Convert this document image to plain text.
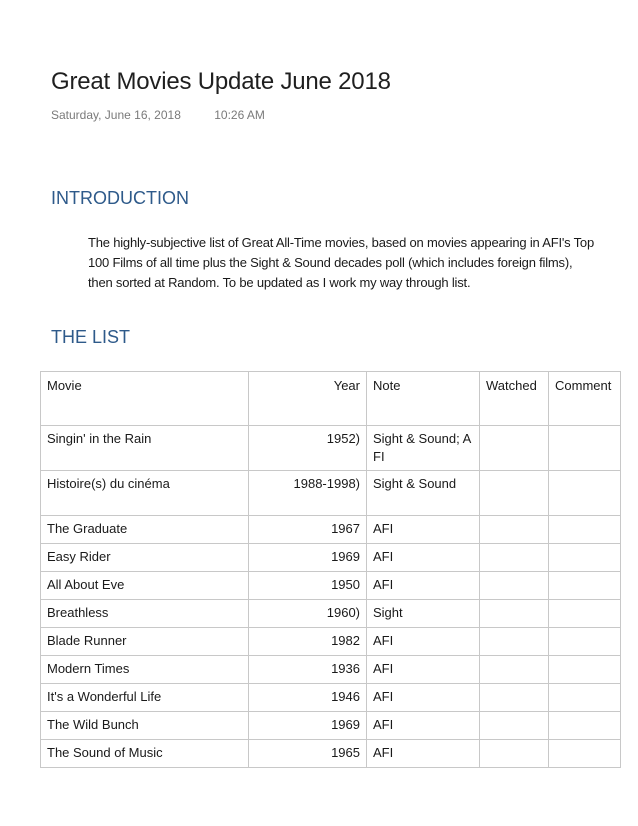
Great Movies Update June 2018
Saturday, June 16, 2018	10:26 AM
INTRODUCTION
The highly-subjective list of Great All-Time movies, based on movies appearing in AFI's Top 100 Films of all time plus the Sight & Sound decades poll (which includes foreign films), then sorted at Random. To be updated as I work my way through list.
THE LIST
Movie	Year	Note	Watched	Comment
Singin' in the Rain	1952)	Sight & Sound; AFI		
Histoire(s) du cinéma	1988-1998)	Sight & Sound		
The Graduate	1967	AFI		
Easy Rider	1969	AFI		
All About Eve	1950	AFI		
Breathless	1960)	Sight		
Blade Runner	1982	AFI		
Modern Times	1936	AFI		
It's a Wonderful Life	1946	AFI		
The Wild Bunch	1969	AFI		
The Sound of Music	1965	AFI		
